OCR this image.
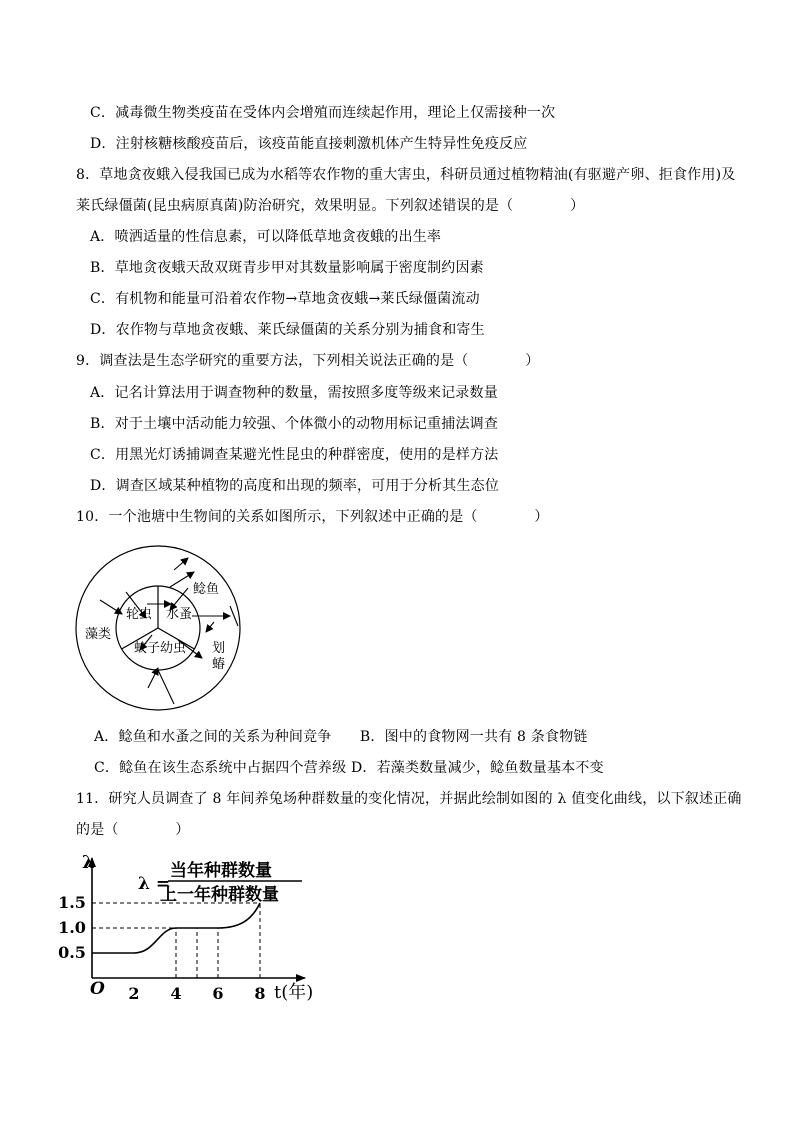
C．减毒微生物类疫苗在受体内会增殖而连续起作用，理论上仅需接种一次
D．注射核糖核酸疫苗后，该疫苗能直接刺激机体产生特异性免疫反应
8．草地贪夜蛾入侵我国已成为水稻等农作物的重大害虫，科研员通过植物精油(有驱避产卵、拒食作用)及
莱氏绿僵菌(昆虫病原真菌)防治研究，效果明显。下列叙述错误的是（　　　　）
A．喷洒适量的性信息素，可以降低草地贪夜蛾的出生率
B．草地贪夜蛾天敌双斑青步甲对其数量影响属于密度制约因素
C．有机物和能量可沿着农作物→草地贪夜蛾→莱氏绿僵菌流动
D．农作物与草地贪夜蛾、莱氏绿僵菌的关系分别为捕食和寄生
9．调查法是生态学研究的重要方法，下列相关说法正确的是（　　　　）
A．记名计算法用于调查物种的数量，需按照多度等级来记录数量
B．对于土壤中活动能力较强、个体微小的动物用标记重捕法调查
C．用黑光灯诱捕调查某避光性昆虫的种群密度，使用的是样方法
D．调查区域某种植物的高度和出现的频率，可用于分析其生态位
10．一个池塘中生物间的关系如图所示，下列叙述中正确的是（　　　　）
轮虫 水蚤
蚊子幼虫
藻类
鲶鱼
划
蝽
A．鲶鱼和水蚤之间的关系为种间竞争　　B．图中的食物网一共有 8 条食物链
C．鲶鱼在该生态系统中占据四个营养级 D．若藻类数量减少，鲶鱼数量基本不变
11．研究人员调查了 8 年间养兔场种群数量的变化情况，并据此绘制如图的 λ 值变化曲线，以下叙述正确
的是（　　　　）
λ
λ =
当年种群数量
上一年种群数量
O	t(年)
0.5
1.0
1.5
2 4 6 8
